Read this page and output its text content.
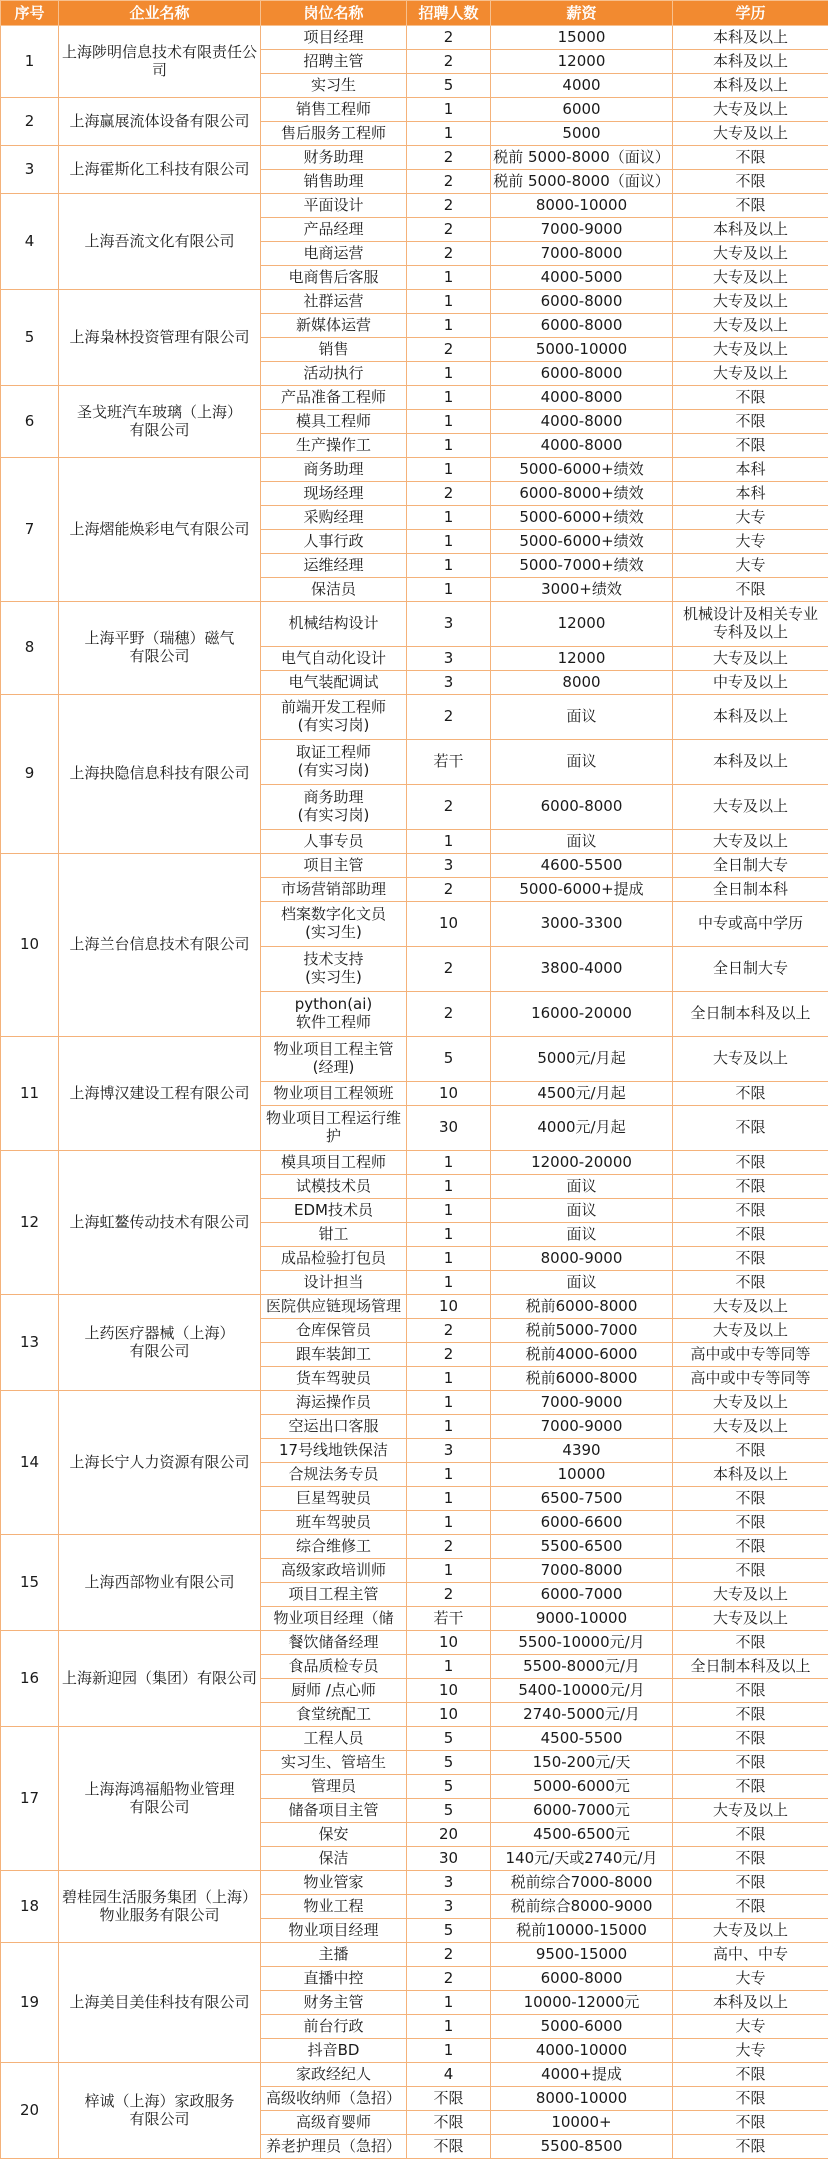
序号	企业名称	岗位名称	招聘人数	薪资	学历
1	上海陟明信息技术有限责任公司	项目经理	2	15000	本科及以上
		招聘主管	2	12000	本科及以上
		实习生	5	4000	本科及以上
2	上海赢展流体设备有限公司	销售工程师	1	6000	大专及以上
		售后服务工程师	1	5000	大专及以上
3	上海霍斯化工科技有限公司	财务助理	2	税前 5000-8000（面议）	不限
		销售助理	2	税前 5000-8000（面议）	不限
4	上海吾流文化有限公司	平面设计	2	8000-10000	不限
		产品经理	2	7000-9000	本科及以上
		电商运营	2	7000-8000	大专及以上
		电商售后客服	1	4000-5000	大专及以上
5	上海枭林投资管理有限公司	社群运营	1	6000-8000	大专及以上
		新媒体运营	1	6000-8000	大专及以上
		销售	2	5000-10000	大专及以上
		活动执行	1	6000-8000	大专及以上
6	圣戈班汽车玻璃（上海）
有限公司	产品准备工程师	1	4000-8000	不限
		模具工程师	1	4000-8000	不限
		生产操作工	1	4000-8000	不限
7	上海熠能焕彩电气有限公司	商务助理	1	5000-6000+绩效	本科
		现场经理	2	6000-8000+绩效	本科
		采购经理	1	5000-6000+绩效	大专
		人事行政	1	5000-6000+绩效	大专
		运维经理	1	5000-7000+绩效	大专
		保洁员	1	3000+绩效	不限
8	上海平野（瑞穗）磁气
有限公司	机械结构设计	3	12000	机械设计及相关专业
专科及以上
		电气自动化设计	3	12000	大专及以上
		电气装配调试	3	8000	中专及以上
9	上海抉隐信息科技有限公司	前端开发工程师
(有实习岗)	2	面议	本科及以上
		取证工程师
(有实习岗)	若干	面议	本科及以上
		商务助理
(有实习岗)	2	6000-8000	大专及以上
		人事专员	1	面议	大专及以上
10	上海兰台信息技术有限公司	项目主管	3	4600-5500	全日制大专
		市场营销部助理	2	5000-6000+提成	全日制本科
		档案数字化文员
(实习生)	10	3000-3300	中专或高中学历
		技术支持
(实习生)	2	3800-4000	全日制大专
		python(ai)
软件工程师	2	16000-20000	全日制本科及以上
11	上海博汉建设工程有限公司	物业项目工程主管
(经理)	5	5000元/月起	大专及以上
		物业项目工程领班	10	4500元/月起	不限
		物业项目工程运行维
护	30	4000元/月起	不限
12	上海虹鳌传动技术有限公司	模具项目工程师	1	12000-20000	不限
		试模技术员	1	面议	不限
		EDM技术员	1	面议	不限
		钳工	1	面议	不限
		成品检验打包员	1	8000-9000	不限
		设计担当	1	面议	不限
13	上药医疗器械（上海）
有限公司	医院供应链现场管理	10	税前6000-8000	大专及以上
		仓库保管员	2	税前5000-7000	大专及以上
		跟车装卸工	2	税前4000-6000	高中或中专等同等
		货车驾驶员	1	税前6000-8000	高中或中专等同等
14	上海长宁人力资源有限公司	海运操作员	1	7000-9000	大专及以上
		空运出口客服	1	7000-9000	大专及以上
		17号线地铁保洁	3	4390	不限
		合规法务专员	1	10000	本科及以上
		巨星驾驶员	1	6500-7500	不限
		班车驾驶员	1	6000-6600	不限
15	上海西部物业有限公司	综合维修工	2	5500-6500	不限
		高级家政培训师	1	7000-8000	不限
		项目工程主管	2	6000-7000	大专及以上
		物业项目经理（储	若干	9000-10000	大专及以上
16	上海新迎园（集团）有限公司	餐饮储备经理	10	5500-10000元/月	不限
		食品质检专员	1	5500-8000元/月	全日制本科及以上
		厨师 /点心师	10	5400-10000元/月	不限
		食堂统配工	10	2740-5000元/月	不限
17	上海海鸿福船物业管理
有限公司	工程人员	5	4500-5500	不限
		实习生、管培生	5	150-200元/天	不限
		管理员	5	5000-6000元	不限
		储备项目主管	5	6000-7000元	大专及以上
		保安	20	4500-6500元	不限
		保洁	30	140元/天或2740元/月	不限
18	碧桂园生活服务集团（上海）
物业服务有限公司	物业管家	3	税前综合7000-8000	不限
		物业工程	3	税前综合8000-9000	不限
		物业项目经理	5	税前10000-15000	大专及以上
19	上海美目美佳科技有限公司	主播	2	9500-15000	高中、中专
		直播中控	2	6000-8000	大专
		财务主管	1	10000-12000元	本科及以上
		前台行政	1	5000-6000	大专
		抖音BD	1	4000-10000	大专
20	梓诚（上海）家政服务
有限公司	家政经纪人	4	4000+提成	不限
		高级收纳师（急招）	不限	8000-10000	不限
		高级育婴师	不限	10000+	不限
		养老护理员（急招）	不限	5500-8500	不限
